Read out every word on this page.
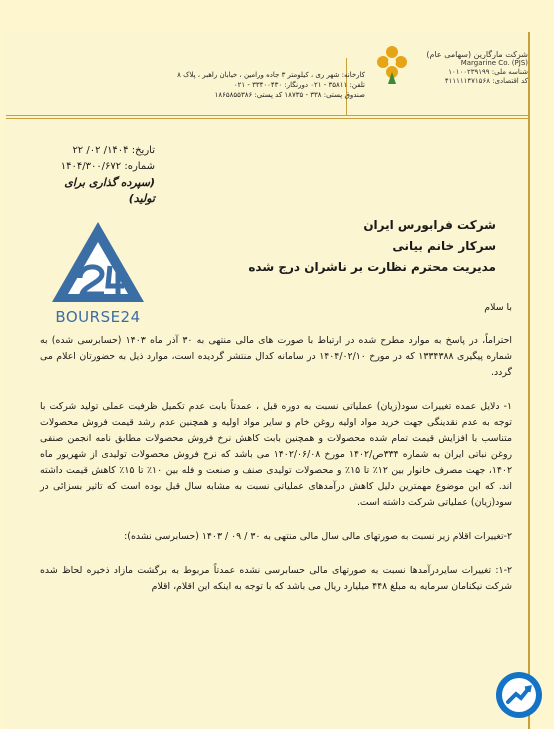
شرکت مارگارین (سهامی عام)
Margarine Co. (PJS)
شناسه ملی: ۱۰۱۰۰۲۳۹۱۹۹
کد اقتصادی: ۴۱۱۱۱۱۴۷۱۵۶۸
کارخانه: شهر ری ، کیلومتر ۳ جاده ورامین ، خیابان راهبر ، پلاک ۸
تلفن: ۳۵۸۱۱ - ۰۲۱ دورنگار: ۳۳۴۰۰۴۳۰ - ۰۲۱
صندوق پستی: ۳۳۸ - ۱۸۷۳۵ کد پستی: ۱۸۶۵۸۵۵۳۸۶
تاریخ: ۱۴۰۴/ ۰۲/ ۲۲
شماره: ۱۴۰۴/۳۰۰/۶۷۲
(سپرده گذاری برای تولید)
BOURSE24
شرکت فرابورس ایران
سرکار خانم بیانی
مدیریت محترم نظارت بر ناشران درج شده

با سلام

احتراماً، در پاسخ به موارد مطرح شده در ارتباط با صورت های مالی منتهی به ۳۰ آذر ماه ۱۴۰۳ (حسابرسی شده) به شماره پیگیری ۱۳۳۴۳۸۸ که در مورخ ۱۴۰۴/۰۲/۱۰ در سامانه کدال منتشر گردیده است، موارد ذیل به حضورتان اعلام می گردد.

۱- دلایل عمده تغییرات سود(زیان) عملیاتی نسبت به دوره قبل ، عمدتاً بابت عدم تکمیل ظرفیت عملی تولید شرکت با توجه به عدم نقدینگی جهت خرید مواد اولیه روغن خام و سایر مواد اولیه و همچنین عدم رشد قیمت فروش محصولات متناسب با افزایش قیمت تمام شده محصولات و همچنین بابت کاهش نرخ فروش محصولات مطابق نامه انجمن صنفی روغن نباتی ایران به شماره ۳۳۴ص/۱۴۰۲ مورخ ۱۴۰۲/۰۶/۰۸ می باشد که نرخ فروش محصولات تولیدی از شهریور ماه ۱۴۰۲، جهت مصرف خانوار بین ۱۲٪ تا ۱۵٪ و محصولات تولیدی صنف و صنعت و فله بین ۱۰٪ تا ۱۵٪ کاهش قیمت داشته اند. که این موضوع مهمترین دلیل کاهش درآمدهای عملیاتی نسبت به مشابه سال قبل بوده است که تاثیر بسزائی در سود(زیان) عملیاتی شرکت داشته است.

۲-تغییرات اقلام زیر نسبت به صورتهای مالی سال مالی منتهی به ۳۰ / ۰۹ / ۱۴۰۳ (حسابرسی نشده):

۱-۲: تغییرات سایردرآمدها نسبت به صورتهای مالی حسابرسی نشده عمدتاً مربوط به برگشت مازاد ذخیره لحاظ شده شرکت نیکنامان سرمایه به مبلغ ۴۴۸ میلیارد ریال می باشد که با توجه به اینکه این اقلام، اقلام
